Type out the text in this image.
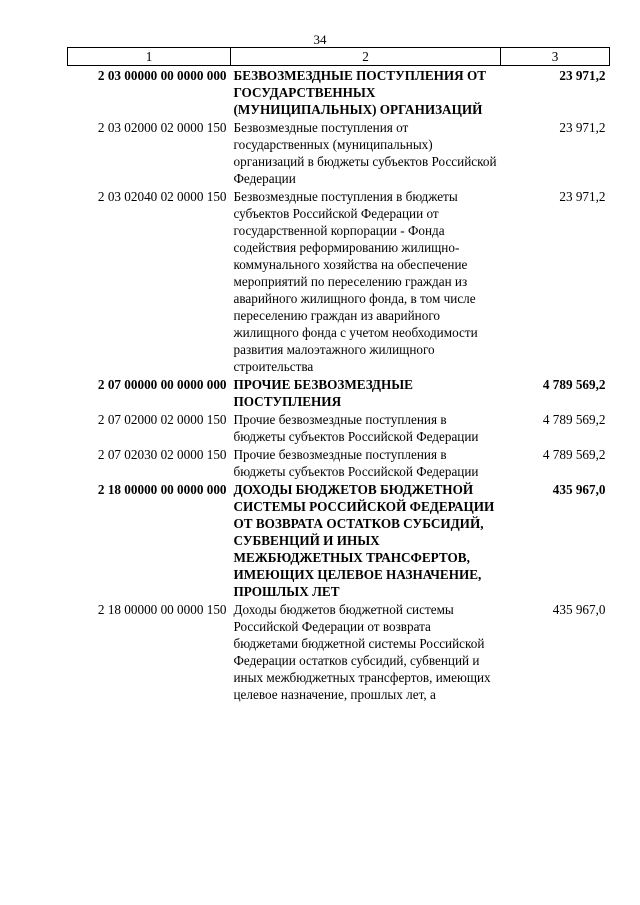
34
1	2	3
2 03 00000 00 0000 000	БЕЗВОЗМЕЗДНЫЕ ПОСТУПЛЕНИЯ ОТ ГОСУДАРСТВЕННЫХ (МУНИЦИПАЛЬНЫХ) ОРГАНИЗАЦИЙ	23 971,2
2 03 02000 02 0000 150	Безвозмездные поступления от государственных (муниципальных) организаций в бюджеты субъектов Российской Федерации	23 971,2
2 03 02040 02 0000 150	Безвозмездные поступления в бюджеты субъектов Российской Федерации от государственной корпорации - Фонда содействия реформированию жилищно-коммунального хозяйства на обеспечение мероприятий по переселению граждан из аварийного жилищного фонда, в том числе переселению граждан из аварийного жилищного фонда с учетом необходимости развития малоэтажного жилищного строительства	23 971,2
2 07 00000 00 0000 000	ПРОЧИЕ БЕЗВОЗМЕЗДНЫЕ ПОСТУПЛЕНИЯ	4 789 569,2
2 07 02000 02 0000 150	Прочие безвозмездные поступления в бюджеты субъектов Российской Федерации	4 789 569,2
2 07 02030 02 0000 150	Прочие безвозмездные поступления в бюджеты субъектов Российской Федерации	4 789 569,2
2 18 00000 00 0000 000	ДОХОДЫ БЮДЖЕТОВ БЮДЖЕТНОЙ СИСТЕМЫ РОССИЙСКОЙ ФЕДЕРАЦИИ ОТ ВОЗВРАТА ОСТАТКОВ СУБСИДИЙ, СУБВЕНЦИЙ И ИНЫХ МЕЖБЮДЖЕТНЫХ ТРАНСФЕРТОВ, ИМЕЮЩИХ ЦЕЛЕВОЕ НАЗНАЧЕНИЕ, ПРОШЛЫХ ЛЕТ	435 967,0
2 18 00000 00 0000 150	Доходы бюджетов бюджетной системы Российской Федерации от возврата бюджетами бюджетной системы Российской Федерации остатков субсидий, субвенций и иных межбюджетных трансфертов, имеющих целевое назначение, прошлых лет, а	435 967,0
